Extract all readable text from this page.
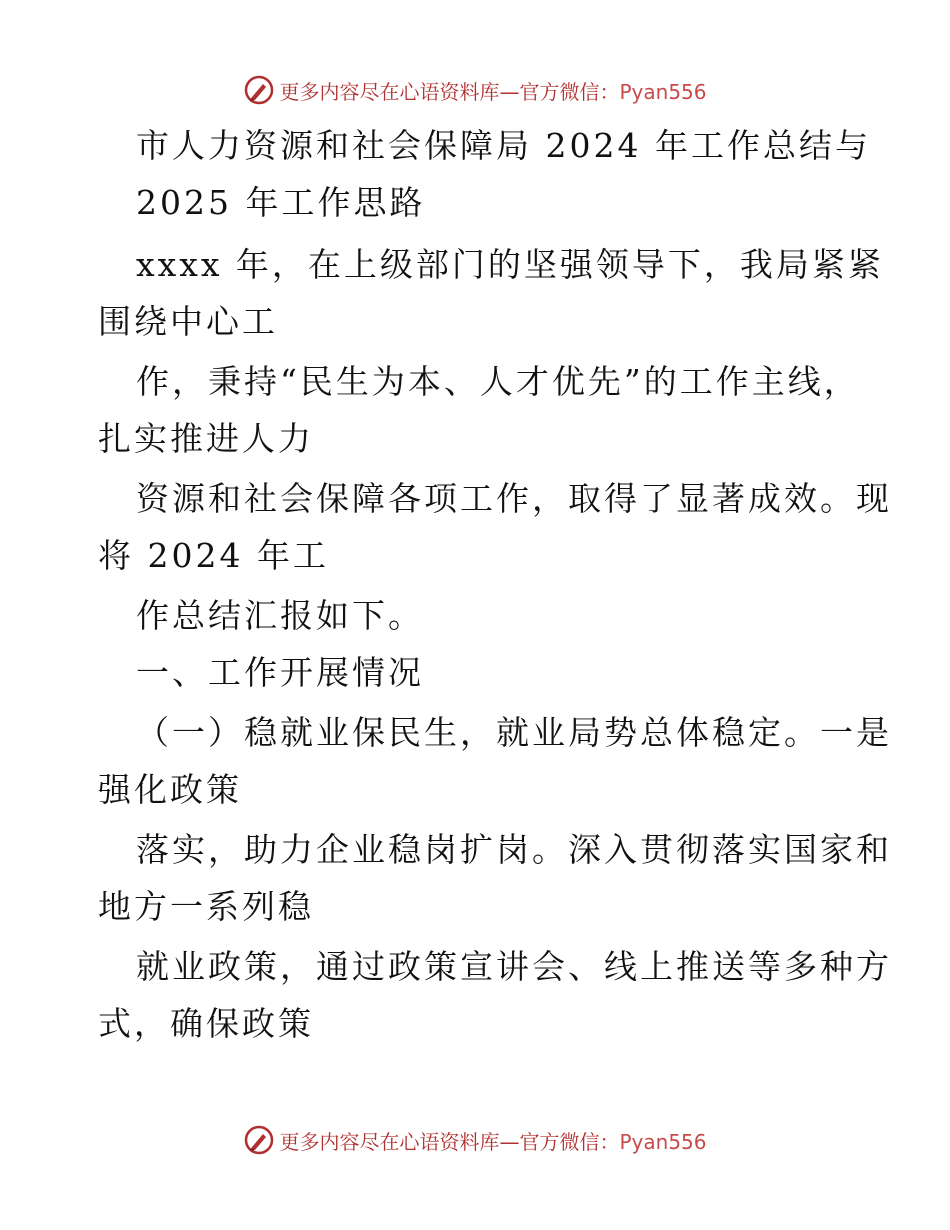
更多内容尽在心语资料库—官方微信：Pyan556
市人力资源和社会保障局 2024 年工作总结与
2025 年工作思路
xxxx 年，在上级部门的坚强领导下，我局紧紧
围绕中心工
作，秉持“民生为本、人才优先”的工作主线，
扎实推进人力
资源和社会保障各项工作，取得了显著成效。现
将 2024 年工
作总结汇报如下。
一、工作开展情况
（一）稳就业保民生，就业局势总体稳定。一是
强化政策
落实，助力企业稳岗扩岗。深入贯彻落实国家和
地方一系列稳
就业政策，通过政策宣讲会、线上推送等多种方
式，确保政策
更多内容尽在心语资料库—官方微信：Pyan556
